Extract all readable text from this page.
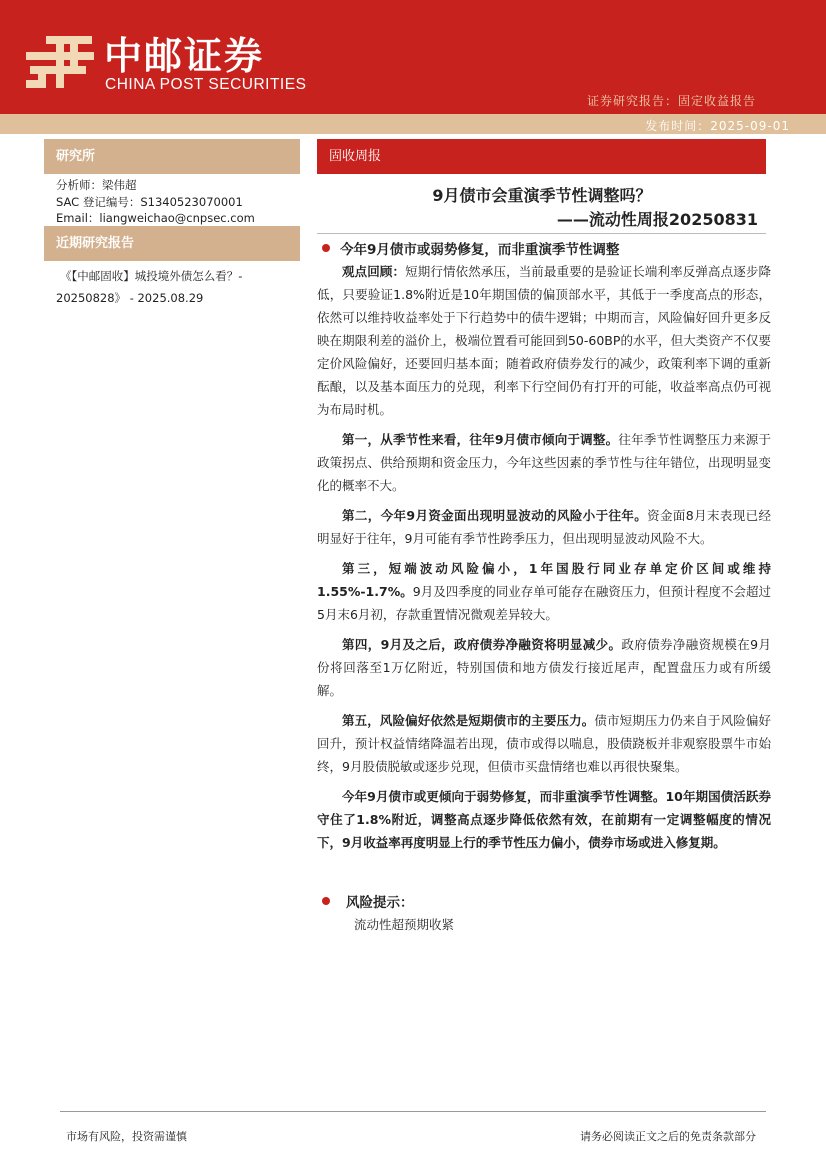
中邮证券
CHINA POST SECURITIES
证券研究报告：固定收益报告
发布时间：2025-09-01
研究所
分析师：梁伟超
SAC 登记编号：S1340523070001
Email：liangweichao@cnpsec.com
近期研究报告
《【中邮固收】城投境外债怎么看？-
20250828》 - 2025.08.29
固收周报
9月债市会重演季节性调整吗？
——流动性周报20250831
今年9月债市或弱势修复，而非重演季节性调整

观点回顾：短期行情依然承压，当前最重要的是验证长端利率反弹高点逐步降低，只要验证1.8%附近是10年期国债的偏顶部水平，其低于一季度高点的形态，依然可以维持收益率处于下行趋势中的债牛逻辑；中期而言，风险偏好回升更多反映在期限利差的溢价上，极端位置看可能回到50-60BP的水平，但大类资产不仅要定价风险偏好，还要回归基本面；随着政府债券发行的减少，政策利率下调的重新酝酿，以及基本面压力的兑现，利率下行空间仍有打开的可能，收益率高点仍可视为布局时机。

第一，从季节性来看，往年9月债市倾向于调整。往年季节性调整压力来源于政策拐点、供给预期和资金压力，今年这些因素的季节性与往年错位，出现明显变化的概率不大。

第二，今年9月资金面出现明显波动的风险小于往年。资金面8月末表现已经明显好于往年，9月可能有季节性跨季压力，但出现明显波动风险不大。

第三，短端波动风险偏小，1年国股行同业存单定价区间或维持1.55%-1.7%。9月及四季度的同业存单可能存在融资压力，但预计程度不会超过5月末6月初，存款重置情况微观差异较大。

第四，9月及之后，政府债券净融资将明显减少。政府债券净融资规模在9月份将回落至1万亿附近，特别国债和地方债发行接近尾声，配置盘压力或有所缓解。

第五，风险偏好依然是短期债市的主要压力。债市短期压力仍来自于风险偏好回升，预计权益情绪降温若出现，债市或得以喘息，股债跷板并非观察股票牛市始终，9月股债脱敏或逐步兑现，但债市买盘情绪也难以再很快聚集。

今年9月债市或更倾向于弱势修复，而非重演季节性调整。10年期国债活跃券守住了1.8%附近，调整高点逐步降低依然有效，在前期有一定调整幅度的情况下，9月收益率再度明显上行的季节性压力偏小，债券市场或进入修复期。

风险提示：
流动性超预期收紧
市场有风险，投资需谨慎	请务必阅读正文之后的免责条款部分
